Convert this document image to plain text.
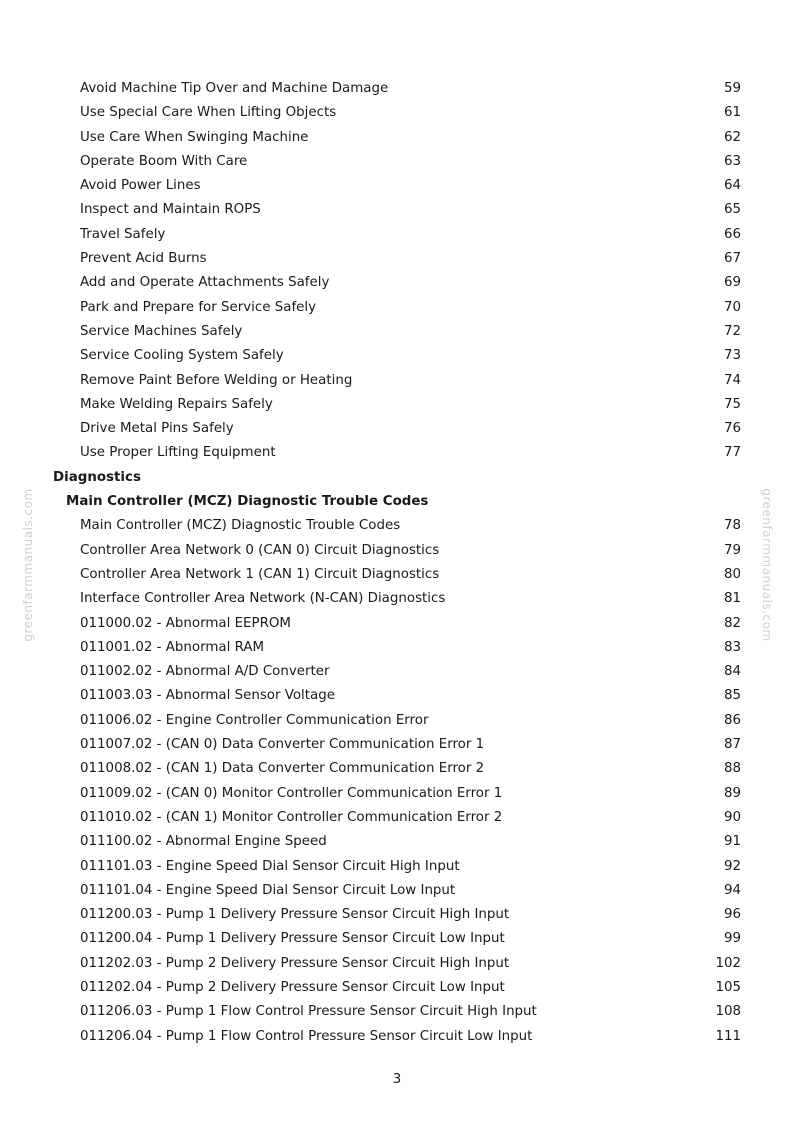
Avoid Machine Tip Over and Machine Damage	59
Use Special Care When Lifting Objects	61
Use Care When Swinging Machine	62
Operate Boom With Care	63
Avoid Power Lines	64
Inspect and Maintain ROPS	65
Travel Safely	66
Prevent Acid Burns	67
Add and Operate Attachments Safely	69
Park and Prepare for Service Safely	70
Service Machines Safely	72
Service Cooling System Safely	73
Remove Paint Before Welding or Heating	74
Make Welding Repairs Safely	75
Drive Metal Pins Safely	76
Use Proper Lifting Equipment	77
Diagnostics
Main Controller (MCZ) Diagnostic Trouble Codes
Main Controller (MCZ) Diagnostic Trouble Codes	78
Controller Area Network 0 (CAN 0) Circuit Diagnostics	79
Controller Area Network 1 (CAN 1) Circuit Diagnostics	80
Interface Controller Area Network (N-CAN) Diagnostics	81
011000.02 - Abnormal EEPROM	82
011001.02 - Abnormal RAM	83
011002.02 - Abnormal A/D Converter	84
011003.03 - Abnormal Sensor Voltage	85
011006.02 - Engine Controller Communication Error	86
011007.02 - (CAN 0) Data Converter Communication Error 1	87
011008.02 - (CAN 1) Data Converter Communication Error 2	88
011009.02 - (CAN 0) Monitor Controller Communication Error 1	89
011010.02 - (CAN 1) Monitor Controller Communication Error 2	90
011100.02 - Abnormal Engine Speed	91
011101.03 - Engine Speed Dial Sensor Circuit High Input	92
011101.04 - Engine Speed Dial Sensor Circuit Low Input	94
011200.03 - Pump 1 Delivery Pressure Sensor Circuit High Input	96
011200.04 - Pump 1 Delivery Pressure Sensor Circuit Low Input	99
011202.03 - Pump 2 Delivery Pressure Sensor Circuit High Input	102
011202.04 - Pump 2 Delivery Pressure Sensor Circuit Low Input	105
011206.03 - Pump 1 Flow Control Pressure Sensor Circuit High Input	108
011206.04 - Pump 1 Flow Control Pressure Sensor Circuit Low Input	111
greenfarmmanuals.com	greenfarmmanuals.com
3
